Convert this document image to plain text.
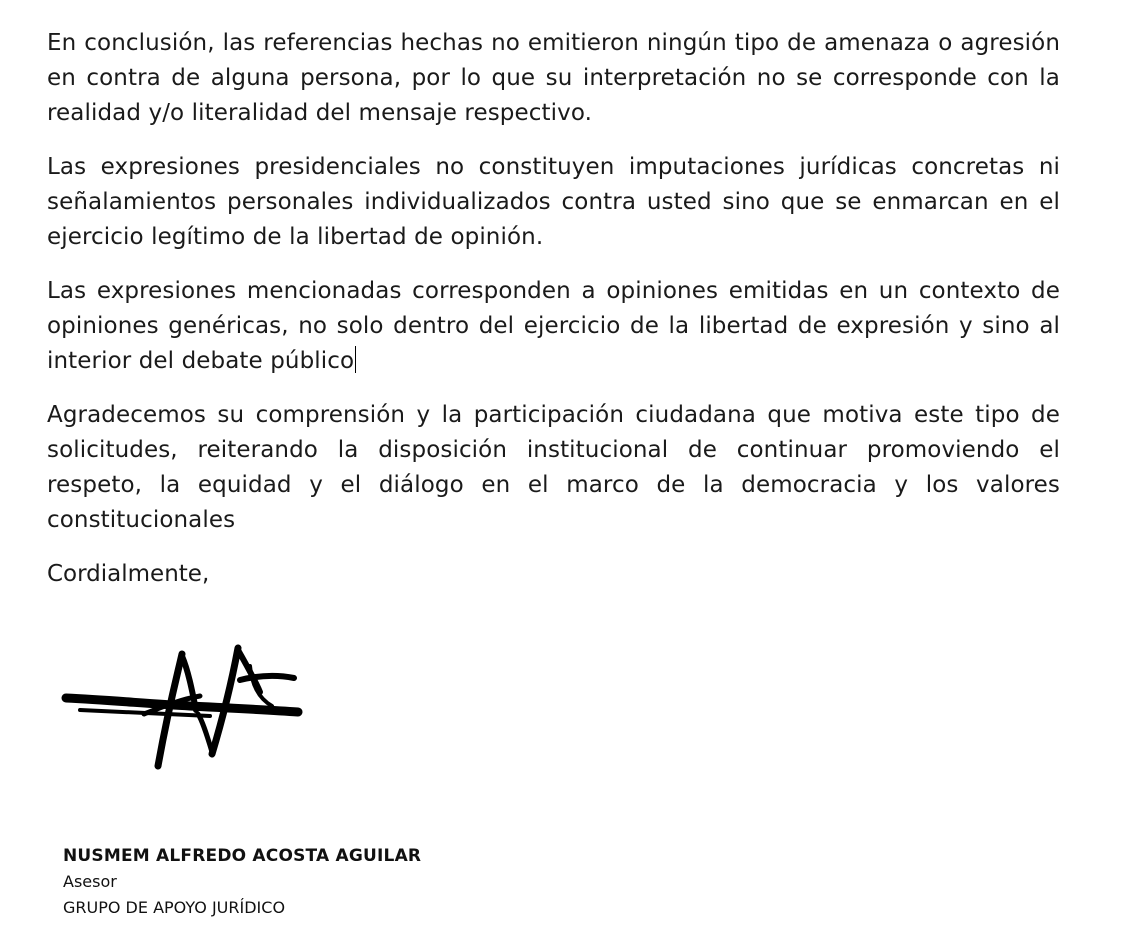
En conclusión, las referencias hechas no emitieron ningún tipo de amenaza o agresión en contra de alguna persona, por lo que su interpretación no se corresponde con la realidad y/o literalidad del mensaje respectivo.

Las expresiones presidenciales no constituyen imputaciones jurídicas concretas ni señalamientos personales individualizados contra usted sino que se enmarcan en el ejercicio legítimo de la libertad de opinión.

Las expresiones mencionadas corresponden a opiniones emitidas en un contexto de opiniones genéricas, no solo dentro del ejercicio de la libertad de expresión y sino al interior del debate público

Agradecemos su comprensión y la participación ciudadana que motiva este tipo de solicitudes, reiterando la disposición institucional de continuar promoviendo el respeto, la equidad y el diálogo en el marco de la democracia y los valores constitucionales

Cordialmente,

NUSMEM ALFREDO ACOSTA AGUILAR
Asesor
GRUPO DE APOYO JURÍDICO
